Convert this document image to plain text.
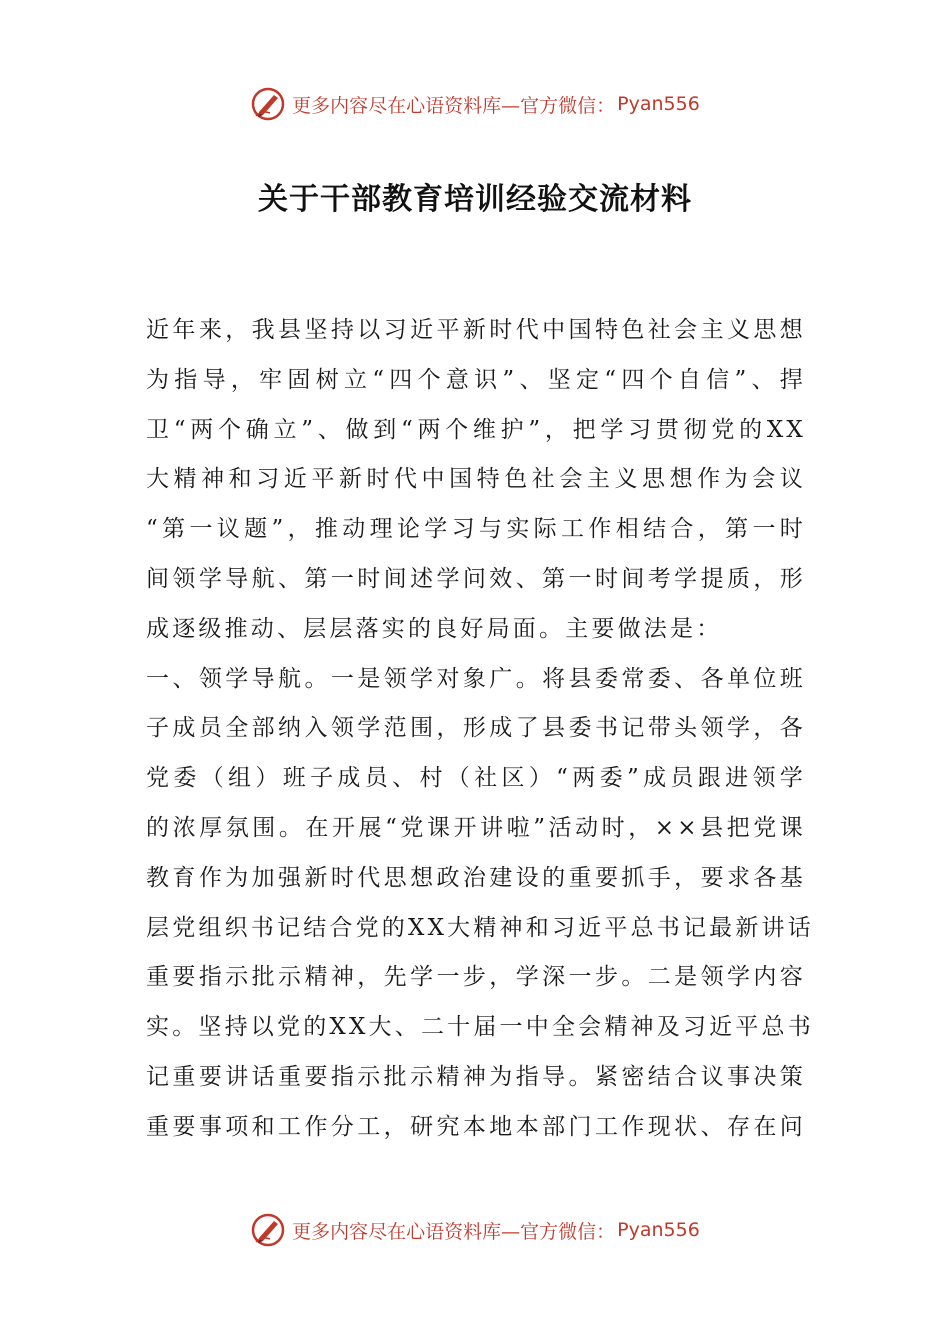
更多内容尽在心语资料库—官方微信： Pyan556
关于干部教育培训经验交流材料
近年来，我县坚持以习近平新时代中国特色社会主义思想
为指导，牢固树立“四个意识”、坚定“四个自信”、捍
卫“两个确立”、做到“两个维护”，把学习贯彻党的XX
大精神和习近平新时代中国特色社会主义思想作为会议
“第一议题”，推动理论学习与实际工作相结合，第一时
间领学导航、第一时间述学问效、第一时间考学提质，形
成逐级推动、层层落实的良好局面。主要做法是：
一、领学导航。一是领学对象广。将县委常委、各单位班
子成员全部纳入领学范围，形成了县委书记带头领学，各
党委（组）班子成员、村（社区）“两委”成员跟进领学
的浓厚氛围。在开展“党课开讲啦”活动时，××县把党课
教育作为加强新时代思想政治建设的重要抓手，要求各基
层党组织书记结合党的XX大精神和习近平总书记最新讲话
重要指示批示精神，先学一步，学深一步。二是领学内容
实。坚持以党的XX大、二十届一中全会精神及习近平总书
记重要讲话重要指示批示精神为指导。紧密结合议事决策
重要事项和工作分工，研究本地本部门工作现状、存在问
更多内容尽在心语资料库—官方微信： Pyan556
